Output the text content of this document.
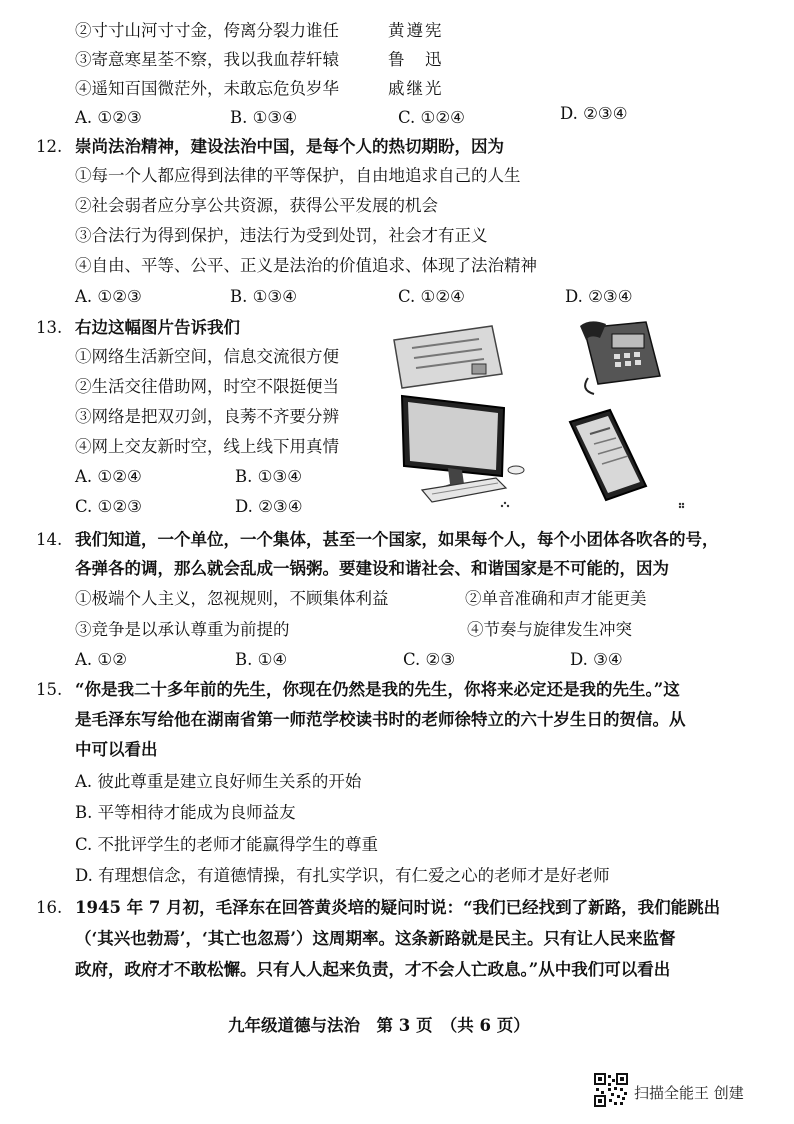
②寸寸山河寸寸金，侉离分裂力谁任	黄遵宪
③寄意寒星荃不察，我以我血荐轩辕	鲁　迅
④遥知百国微茫外，未敢忘危负岁华	戚继光
A. ①②③	B. ①③④	C. ①②④	D. ②③④
12. 崇尚法治精神，建设法治中国，是每个人的热切期盼，因为
①每一个人都应得到法律的平等保护，自由地追求自己的人生
②社会弱者应分享公共资源，获得公平发展的机会
③合法行为得到保护，违法行为受到处罚，社会才有正义
④自由、平等、公平、正义是法治的价值追求、体现了法治精神
A. ①②③	B. ①③④	C. ①②④	D. ②③④
13. 右边这幅图片告诉我们
①网络生活新空间，信息交流很方便
②生活交往借助网，时空不限挺便当
③网络是把双刃剑，良莠不齐要分辨
④网上交友新时空，线上线下用真情
A. ①②④	B. ①③④
C. ①②③	D. ②③④
14. 我们知道，一个单位，一个集体，甚至一个国家，如果每个人，每个小团体各吹各的号，
各弹各的调，那么就会乱成一锅粥。要建设和谐社会、和谐国家是不可能的，因为
①极端个人主义，忽视规则，不顾集体利益	②单音准确和声才能更美
③竞争是以承认尊重为前提的	④节奏与旋律发生冲突
A. ①②	B. ①④	C. ②③	D. ③④
15. “你是我二十多年前的先生，你现在仍然是我的先生，你将来必定还是我的先生。”这
是毛泽东写给他在湖南省第一师范学校读书时的老师徐特立的六十岁生日的贺信。从
中可以看出
A. 彼此尊重是建立良好师生关系的开始
B. 平等相待才能成为良师益友
C. 不批评学生的老师才能赢得学生的尊重
D. 有理想信念，有道德情操，有扎实学识，有仁爱之心的老师才是好老师
16. 1945 年 7 月初，毛泽东在回答黄炎培的疑问时说：“我们已经找到了新路，我们能跳出
（‘其兴也勃焉’，‘其亡也忽焉’）这周期率。这条新路就是民主。只有让人民来监督
政府，政府才不敢松懈。只有人人起来负责，才不会人亡政息。”从中我们可以看出
九年级道德与法治　第 3 页　（共 6 页）
扫描全能王 创建
